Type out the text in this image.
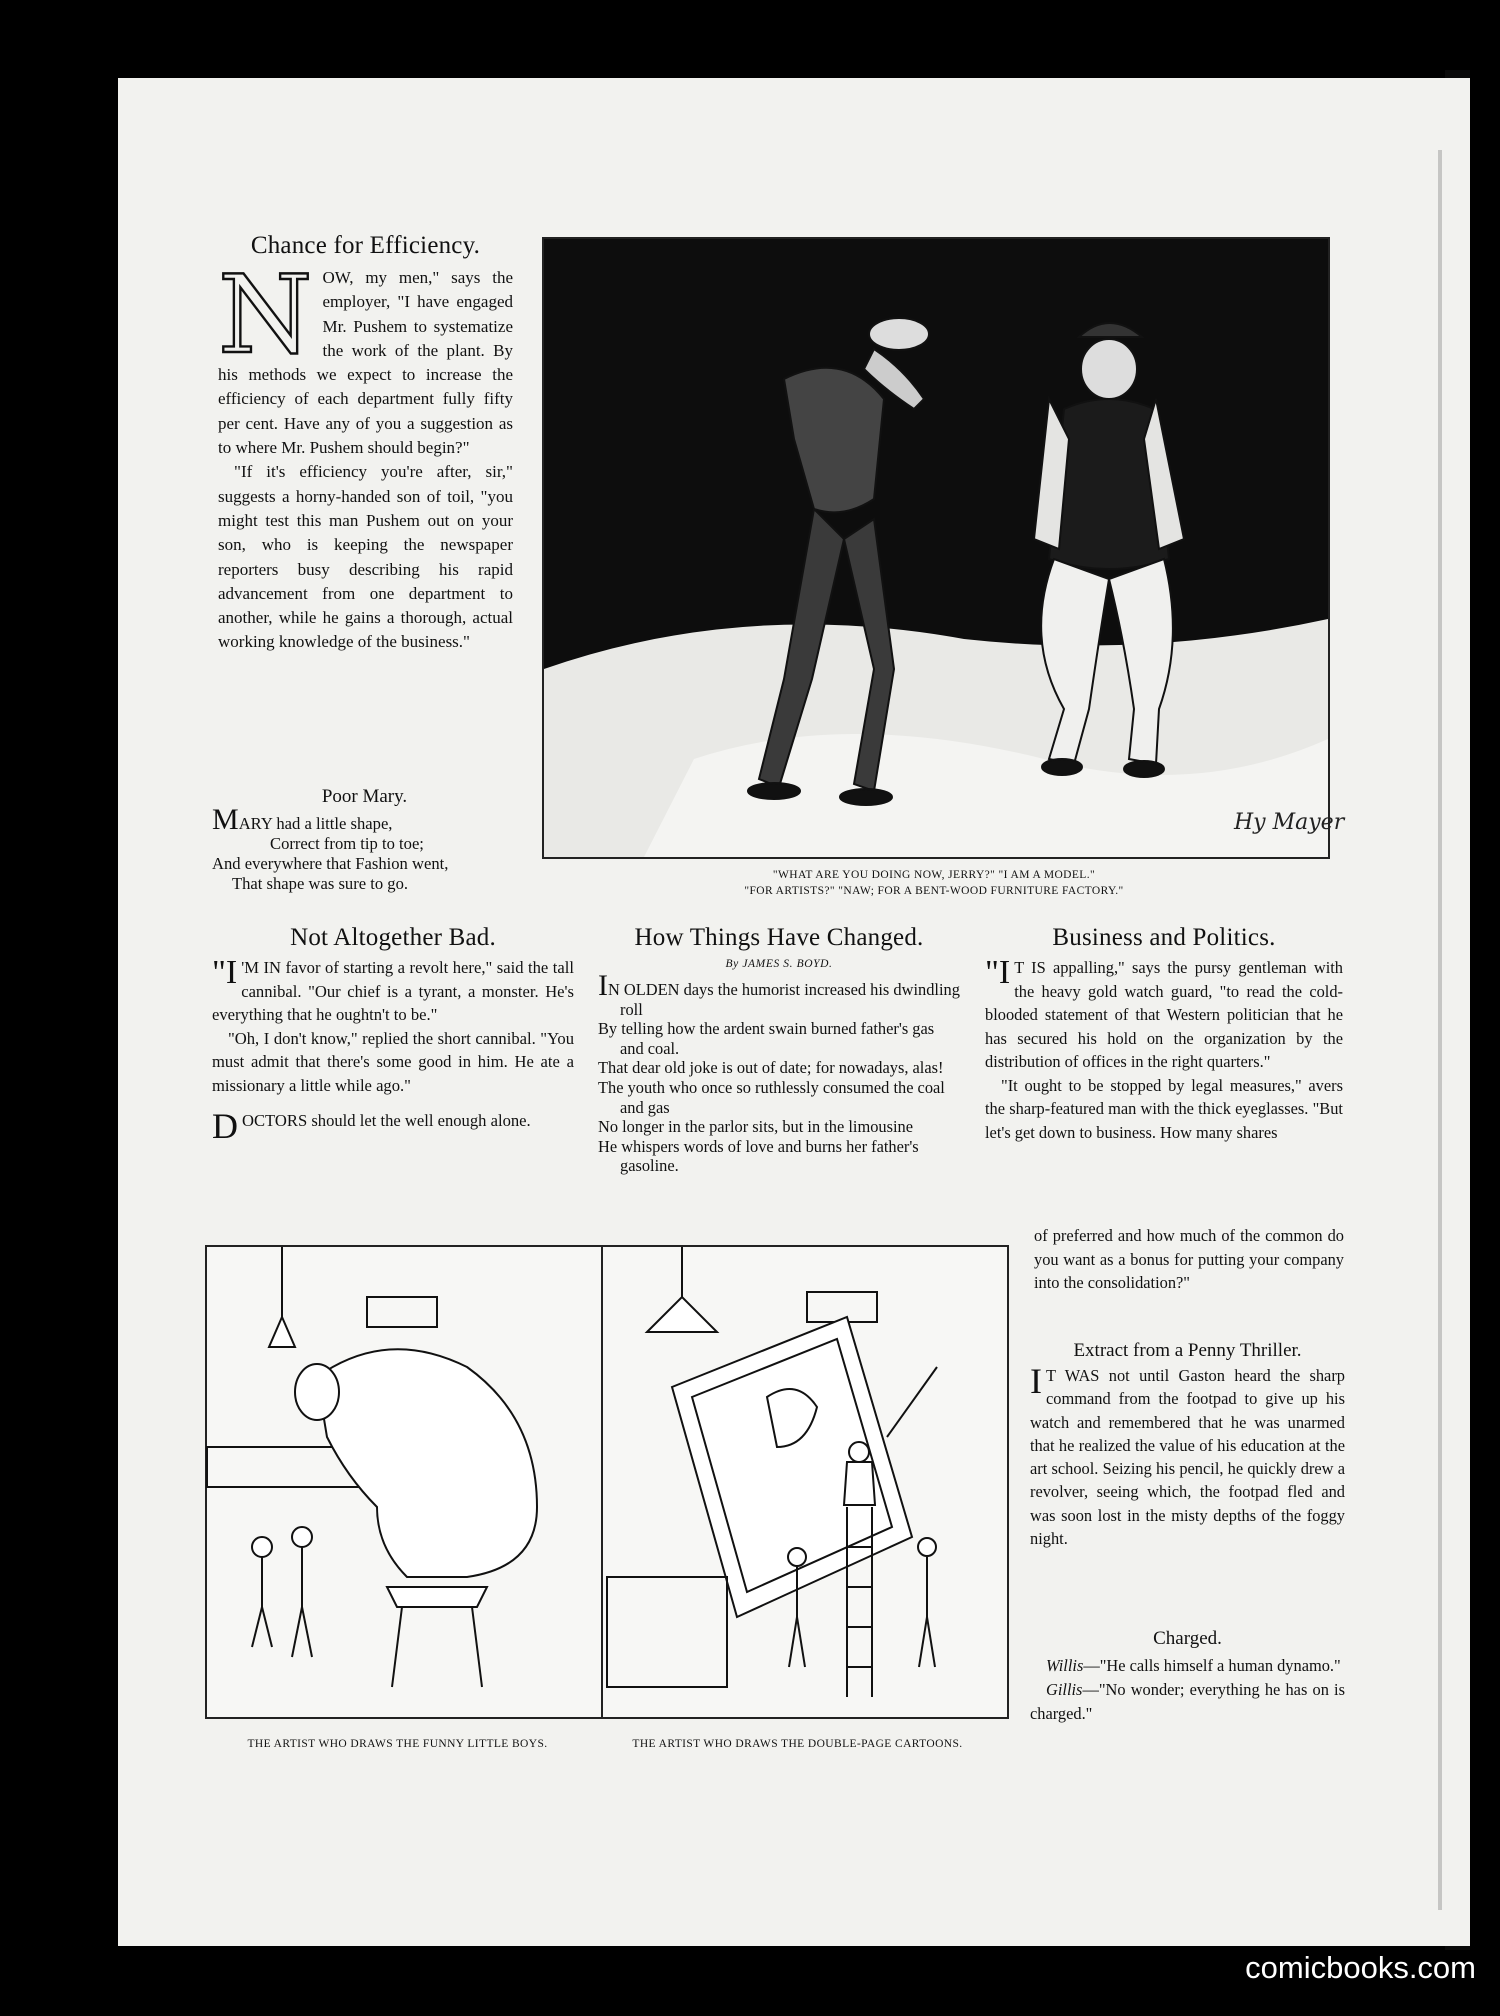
Chance for Efficiency.

NOW, my men," says the employer, "I have engaged Mr. Pushem to systematize the work of the plant. By his methods we expect to increase the efficiency of each department fully fifty per cent. Have any of you a suggestion as to where Mr. Pushem should begin?"

"If it's efficiency you're after, sir," suggests a horny-handed son of toil, "you might test this man Pushem out on your son, who is keeping the newspaper reporters busy describing his rapid advancement from one department to another, while he gains a thorough, actual working knowledge of the business."

Poor Mary.
MARY had a little shape,
Correct from tip to toe;
And everywhere that Fashion went,
That shape was sure to go.
Hy Mayer
"WHAT ARE YOU DOING NOW, JERRY?" "I AM A MODEL."
"FOR ARTISTS?" "NAW; FOR A BENT-WOOD FURNITURE FACTORY."
Not Altogether Bad.

"I 'M IN favor of starting a revolt here," said the tall cannibal. "Our chief is a tyrant, a monster. He's everything that he oughtn't to be."

"Oh, I don't know," replied the short cannibal. "You must admit that there's some good in him. He ate a missionary a little while ago."

DOCTORS should let the well enough alone.

How Things Have Changed.
By JAMES S. BOYD.
IN OLDEN days the humorist increased his dwindling roll
By telling how the ardent swain burned father's gas and coal.
That dear old joke is out of date; for nowadays, alas!
The youth who once so ruthlessly consumed the coal and gas
No longer in the parlor sits, but in the limousine
He whispers words of love and burns her father's gasoline.
Business and Politics.

"I T IS appalling," says the pursy gentleman with the heavy gold watch guard, "to read the cold-blooded statement of that Western politician that he has secured his hold on the organization by the distribution of offices in the right quarters."

"It ought to be stopped by legal measures," avers the sharp-featured man with the thick eyeglasses. "But let's get down to business. How many shares

of preferred and how much of the common do you want as a bonus for putting your company into the consolidation?"
Extract from a Penny Thriller.

I T WAS not until Gaston heard the sharp command from the footpad to give up his watch and remembered that he was unarmed that he realized the value of his education at the art school. Seizing his pencil, he quickly drew a revolver, seeing which, the footpad fled and was soon lost in the misty depths of the foggy night.

Charged.

Willis—"He calls himself a human dynamo."

Gillis—"No wonder; everything he has on is charged."

THE ARTIST WHO DRAWS THE FUNNY LITTLE BOYS.	THE ARTIST WHO DRAWS THE DOUBLE-PAGE CARTOONS.
comicbooks.com
